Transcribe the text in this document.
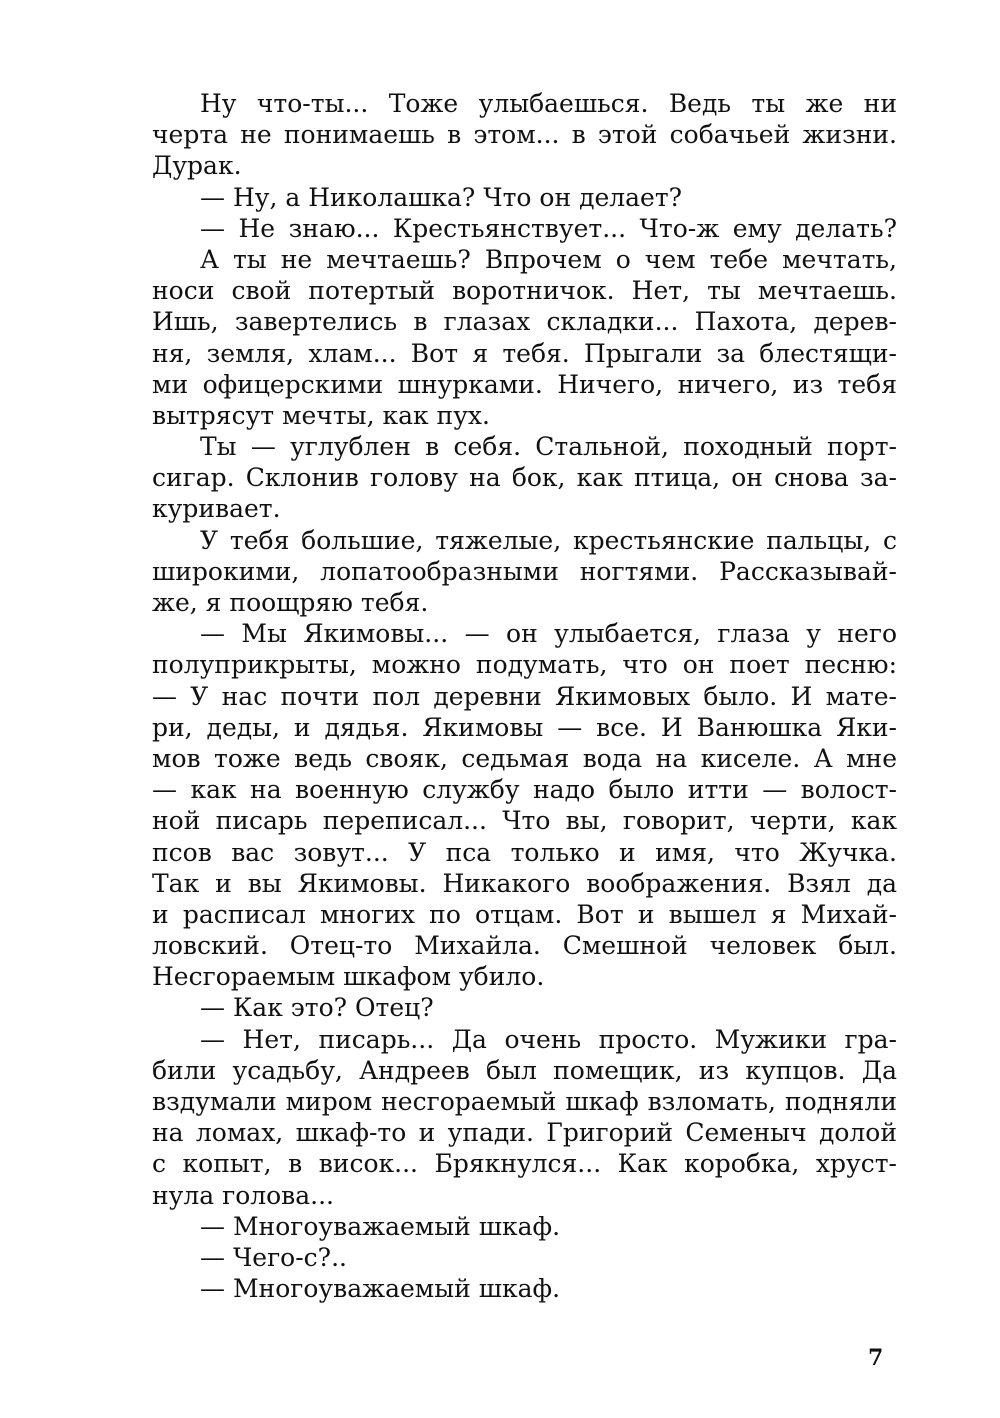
Ну что-ты... Тоже улыбаешься. Ведь ты же ни
черта не понимаешь в этом... в этой собачьей жизни.
Дурак.
— Ну, а Николашка? Что он делает?
— Не знаю... Крестьянствует... Что-ж ему делать?
А ты не мечтаешь? Впрочем о чем тебе мечтать,
носи свой потертый воротничок. Нет, ты мечтаешь.
Ишь, завертелись в глазах складки... Пахота, дерев-
ня, земля, хлам... Вот я тебя. Прыгали за блестящи-
ми офицерскими шнурками. Ничего, ничего, из тебя
вытрясут мечты, как пух.
Ты — углублен в себя. Стальной, походный порт-
сигар. Склонив голову на бок, как птица, он снова за-
куривает.
У тебя большие, тяжелые, крестьянские пальцы, с
широкими, лопатообразными ногтями. Рассказывай-
же, я поощряю тебя.
— Мы Якимовы... — он улыбается, глаза у него
полуприкрыты, можно подумать, что он поет песню:
— У нас почти пол деревни Якимовых было. И мате-
ри, деды, и дядья. Якимовы — все. И Ванюшка Яки-
мов тоже ведь свояк, седьмая вода на киселе. А мне
— как на военную службу надо было итти — волост-
ной писарь переписал... Что вы, говорит, черти, как
псов вас зовут... У пса только и имя, что Жучка.
Так и вы Якимовы. Никакого воображения. Взял да
и расписал многих по отцам. Вот и вышел я Михай-
ловский. Отец-то Михайла. Смешной человек был.
Несгораемым шкафом убило.
— Как это? Отец?
— Нет, писарь... Да очень просто. Мужики гра-
били усадьбу, Андреев был помещик, из купцов. Да
вздумали миром несгораемый шкаф взломать, подняли
на ломах, шкаф-то и упади. Григорий Семеныч долой
с копыт, в висок... Брякнулся... Как коробка, хруст-
нула голова...
— Многоуважаемый шкаф.
— Чего-с?..
— Многоуважаемый шкаф.
7
